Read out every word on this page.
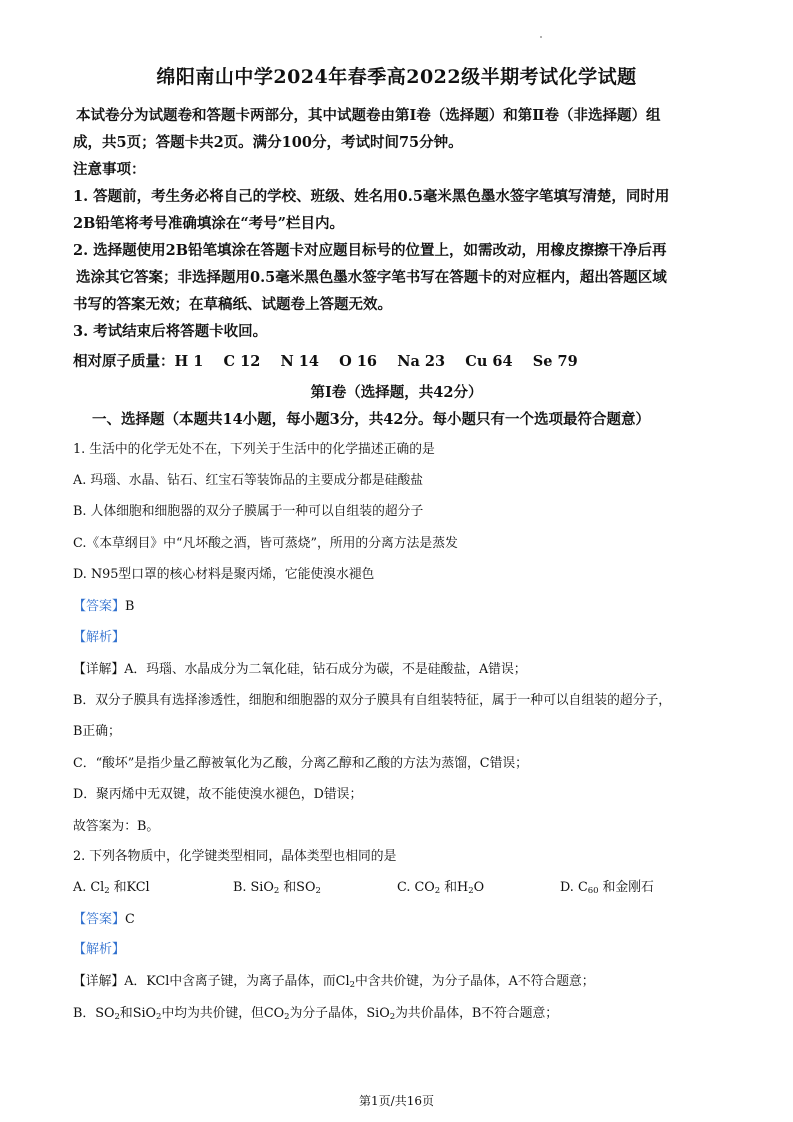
绵阳南山中学2024年春季高2022级半期考试化学试题
本试卷分为试题卷和答题卡两部分，其中试题卷由第Ⅰ卷（选择题）和第Ⅱ卷（非选择题）组
成，共5页；答题卡共2页。满分100分，考试时间75分钟。
注意事项：
1. 答题前，考生务必将自己的学校、班级、姓名用0.5毫米黑色墨水签字笔填写清楚，同时用
2B铅笔将考号准确填涂在“考号”栏目内。
2. 选择题使用2B铅笔填涂在答题卡对应题目标号的位置上，如需改动，用橡皮擦擦干净后再
选涂其它答案；非选择题用0.5毫米黑色墨水签字笔书写在答题卡的对应框内，超出答题区域
书写的答案无效；在草稿纸、试题卷上答题无效。
3. 考试结束后将答题卡收回。
相对原子质量：H 1    C 12    N 14    O 16    Na 23    Cu 64    Se 79
第Ⅰ卷（选择题，共42分）
一、选择题（本题共14小题，每小题3分，共42分。每小题只有一个选项最符合题意）
1. 生活中的化学无处不在，下列关于生活中的化学描述正确的是
A. 玛瑙、水晶、钻石、红宝石等装饰品的主要成分都是硅酸盐
B. 人体细胞和细胞器的双分子膜属于一种可以自组装的超分子
C.《本草纲目》中“凡坏酸之酒，皆可蒸烧”，所用的分离方法是蒸发
D. N95型口罩的核心材料是聚丙烯，它能使溴水褪色
【答案】B
【解析】
【详解】A．玛瑙、水晶成分为二氧化硅，钻石成分为碳，不是硅酸盐，A错误；
B．双分子膜具有选择渗透性，细胞和细胞器的双分子膜具有自组装特征，属于一种可以自组装的超分子，
B正确；
C．“酸坏”是指少量乙醇被氧化为乙酸，分离乙醇和乙酸的方法为蒸馏，C错误；
D．聚丙烯中无双键，故不能使溴水褪色，D错误；
故答案为：B。
2. 下列各物质中，化学键类型相同，晶体类型也相同的是
A. $Cl_2$ 和KCl	B. SiO$_2$ 和$SO_2$	C. $CO_2$ 和$H_2O$	D. $C_{60}$ 和金刚石
【答案】C
【解析】
【详解】A．KCl中含离子键，为离子晶体，而$Cl_2$中含共价键，为分子晶体，A不符合题意；
B．$SO_2$和SiO$_2$中均为共价键，但$CO_2$为分子晶体，SiO$_2$为共价晶体，B不符合题意；
第1页/共16页
